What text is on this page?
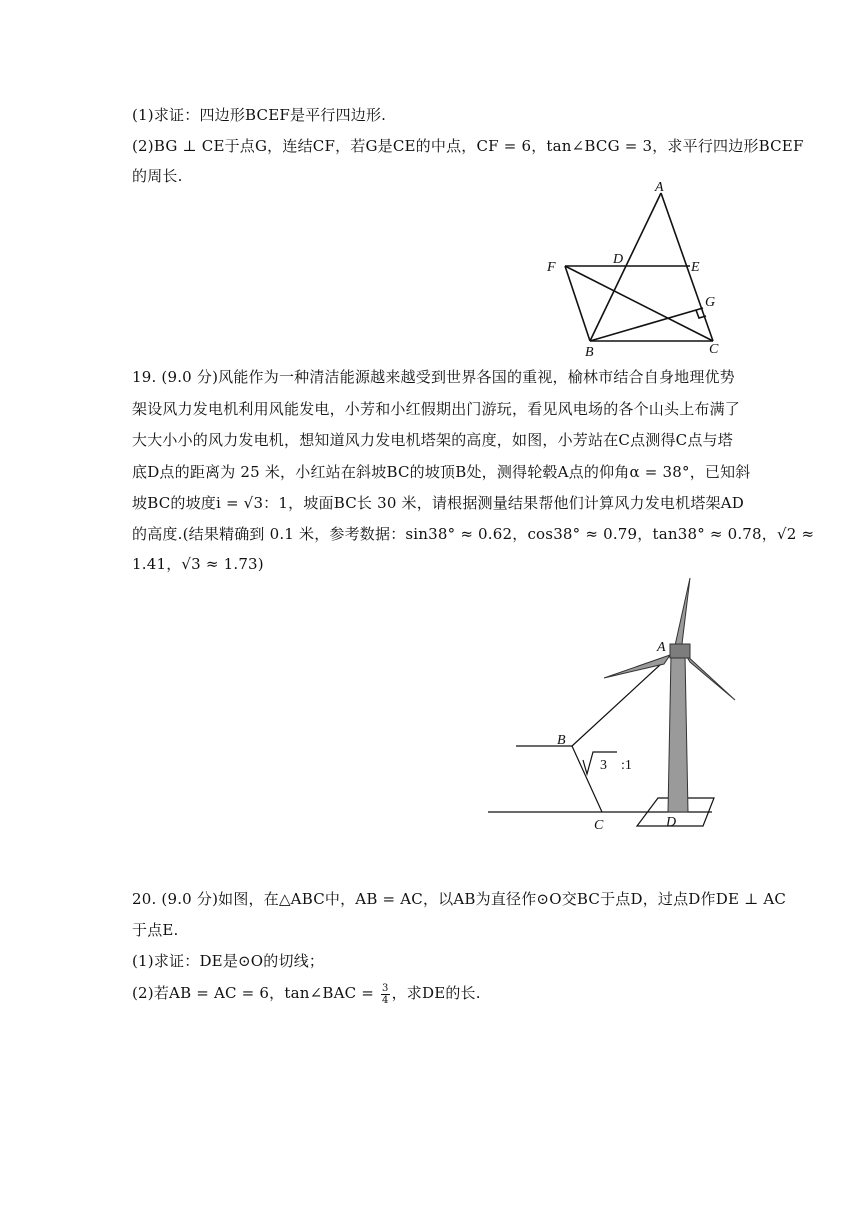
(1)求证：四边形BCEF是平行四边形.
(2)BG ⊥ CE于点G，连结CF，若G是CE的中点，CF = 6，tan∠BCG = 3，求平行四边形BCEF
的周长.
A
D
E
F
G
B	C
19. (9.0 分)风能作为一种清洁能源越来越受到世界各国的重视，榆林市结合自身地理优势
架设风力发电机利用风能发电，小芳和小红假期出门游玩，看见风电场的各个山头上布满了
大大小小的风力发电机，想知道风力发电机塔架的高度，如图，小芳站在C点测得C点与塔
底D点的距离为 25 米，小红站在斜坡BC的坡顶B处，测得轮毂A点的仰角α = 38°，已知斜
坡BC的坡度i = √3：1，坡面BC长 30 米，请根据测量结果帮他们计算风力发电机塔架AD
的高度.(结果精确到 0.1 米，参考数据：sin38° ≈ 0.62，cos38° ≈ 0.79，tan38° ≈ 0.78，√2 ≈
1.41，√3 ≈ 1.73)
A
B
C	D
3 :1
20. (9.0 分)如图，在△ABC中，AB = AC，以AB为直径作⊙O交BC于点D，过点D作DE ⊥ AC
于点E.
(1)求证：DE是⊙O的切线；
(2)若AB = AC = 6，tan∠BAC = $\frac{3}{4}$ ，求DE的长.
